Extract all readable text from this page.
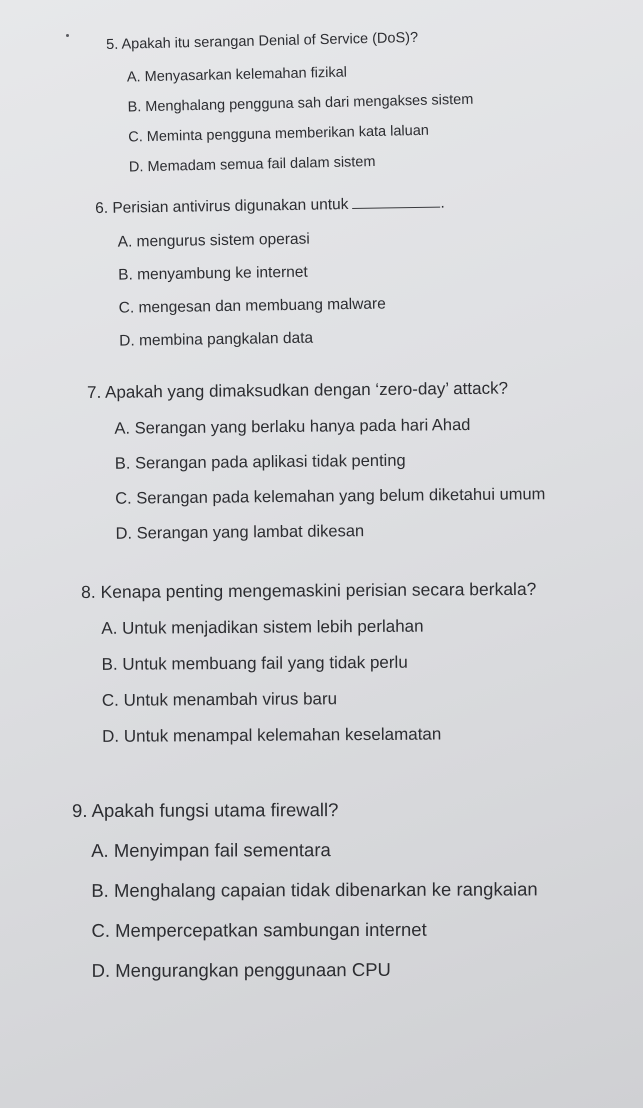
5. Apakah itu serangan Denial of Service (DoS)?
A. Menyasarkan kelemahan fizikal
B. Menghalang pengguna sah dari mengakses sistem
C. Meminta pengguna memberikan kata laluan
D. Memadam semua fail dalam sistem
6. Perisian antivirus digunakan untuk	.
A. mengurus sistem operasi
B. menyambung ke internet
C. mengesan dan membuang malware
D. membina pangkalan data
7. Apakah yang dimaksudkan dengan ‘zero-day’ attack?
A. Serangan yang berlaku hanya pada hari Ahad
B. Serangan pada aplikasi tidak penting
C. Serangan pada kelemahan yang belum diketahui umum
D. Serangan yang lambat dikesan
8. Kenapa penting mengemaskini perisian secara berkala?
A. Untuk menjadikan sistem lebih perlahan
B. Untuk membuang fail yang tidak perlu
C. Untuk menambah virus baru
D. Untuk menampal kelemahan keselamatan
9. Apakah fungsi utama firewall?
A. Menyimpan fail sementara
B. Menghalang capaian tidak dibenarkan ke rangkaian
C. Mempercepatkan sambungan internet
D. Mengurangkan penggunaan CPU
